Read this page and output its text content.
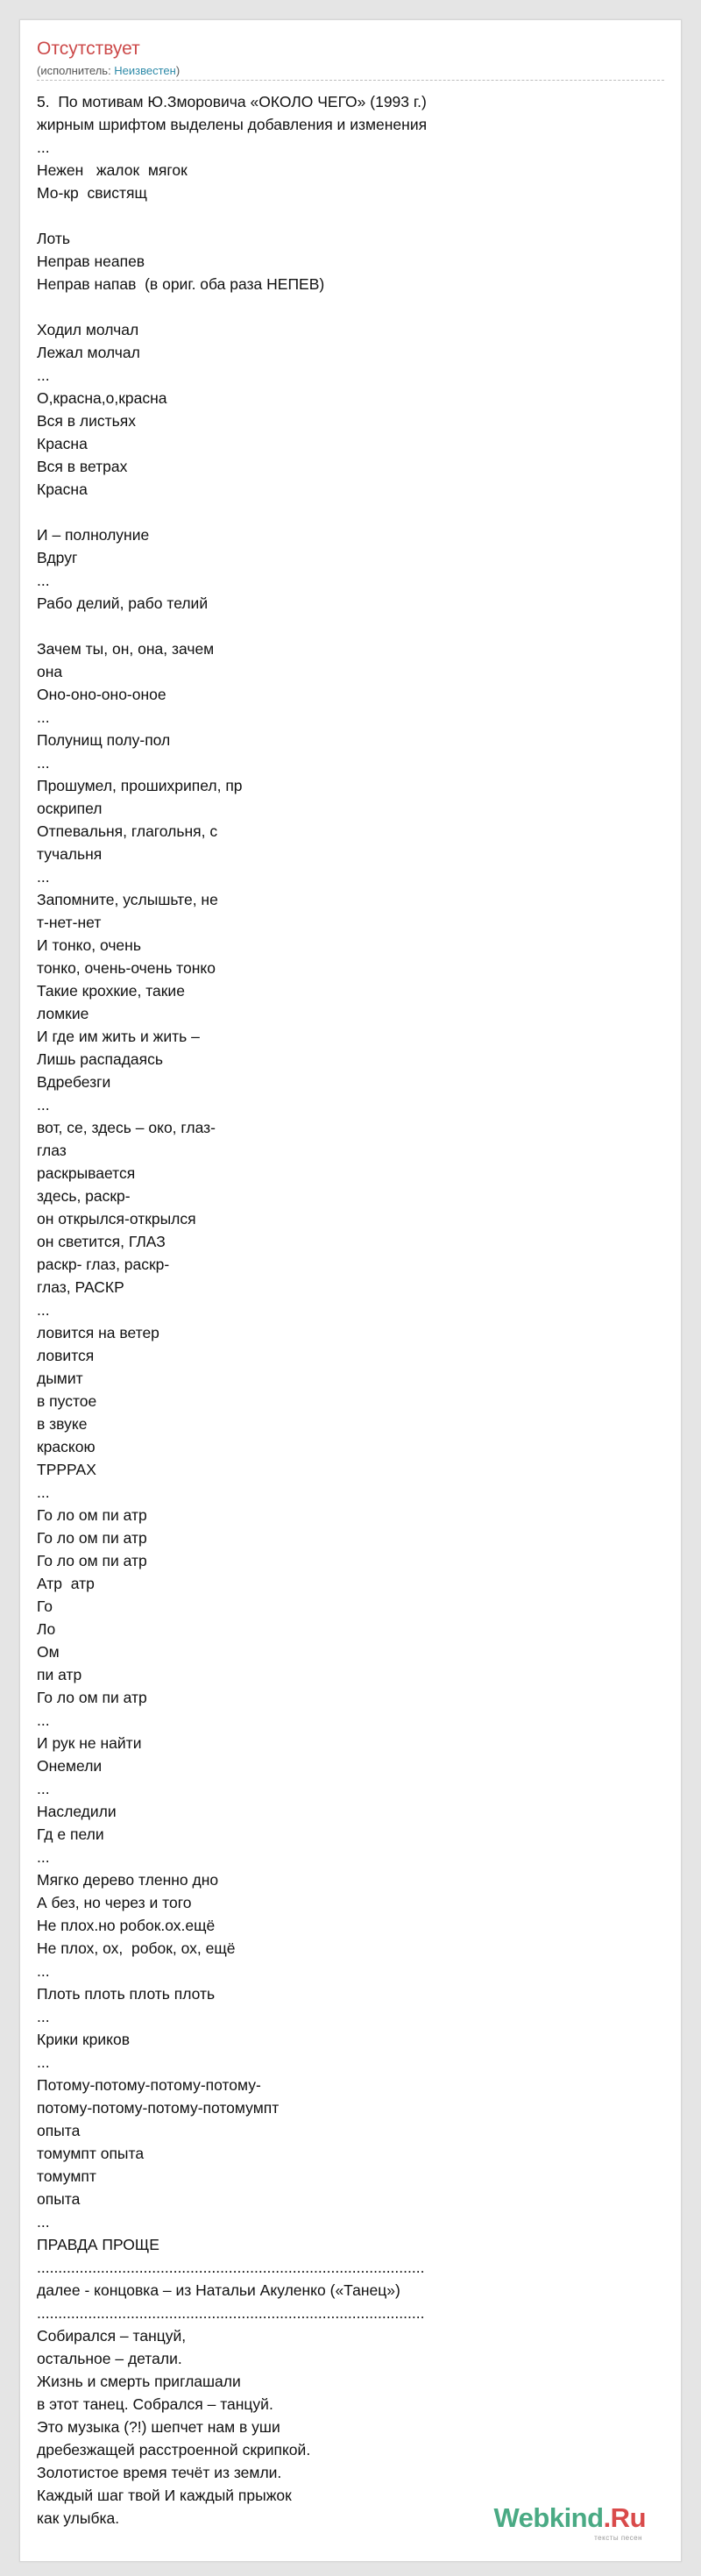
Отсутствует
(исполнитель: Неизвестен)
5.  По мотивам Ю.Зморовича «ОКОЛО ЧЕГО» (1993 г.)
жирным шрифтом выделены добавления и изменения
...
Нежен   жалок  мягок
Мо-кр  свистящ
Лоть
Неправ неапев
Неправ напав  (в ориг. оба раза НЕПЕВ)
Ходил молчал
Лежал молчал
...
О,красна,о,красна
Вся в листьях
Красна
Вся в ветрах
Красна
И – полнолуние
Вдруг
...
Рабо делий, рабо телий
Зачем ты, он, она, зачем
она
Оно-оно-оно-оное
...
Полунищ полу-пол
...
Прошумел, прошихрипел, пр
оскрипел
Отпевальня, глагольня, с
тучальня
...
Запомните, услышьте, не
т-нет-нет
И тонко, очень
тонко, очень-очень тонко
Такие крохкие, такие
ломкие
И где им жить и жить –
Лишь распадаясь
Вдребезги
...
вот, се, здесь – око, глаз-
глаз
раскрывается
здесь, раскр-
он открылся-открылся
он светится, ГЛАЗ
раскр- глаз, раскр-
глаз, РАСКР
...
ловится на ветер
ловится
дымит
в пустое
в звуке
краскою
ТРРРАХ
...
Го ло ом пи атр
Го ло ом пи атр
Го ло ом пи атр
Атр  атр
Го
Ло
Ом
пи атр
Го ло ом пи атр
...
И рук не найти
Онемели
...
Наследили
Гд е пели
...
Мягко дерево тленно дно
А без, но через и того
Не плох.но робок.ох.ещё
Не плох, ох,  робок, ох, ещё
...
Плоть плоть плоть плоть
...
Крики криков
...
Потому-потому-потому-потому-
потому-потому-потому-потомумпт
опыта
томумпт опыта
томумпт
опыта
...
ПРАВДА ПРОЩЕ
...........................................................................................
далее - концовка – из Натальи Акуленко («Танец»)
...........................................................................................
Собирался – танцуй,
остальное – детали.
Жизнь и смерть приглашали
в этот танец. Собрался – танцуй.
Это музыка (?!) шепчет нам в уши
дребезжащей расстроенной скрипкой.
Золотистое время течёт из земли.
Каждый шаг твой И каждый прыжок
как улыбка.	Webkind.Ru
тексты песен
